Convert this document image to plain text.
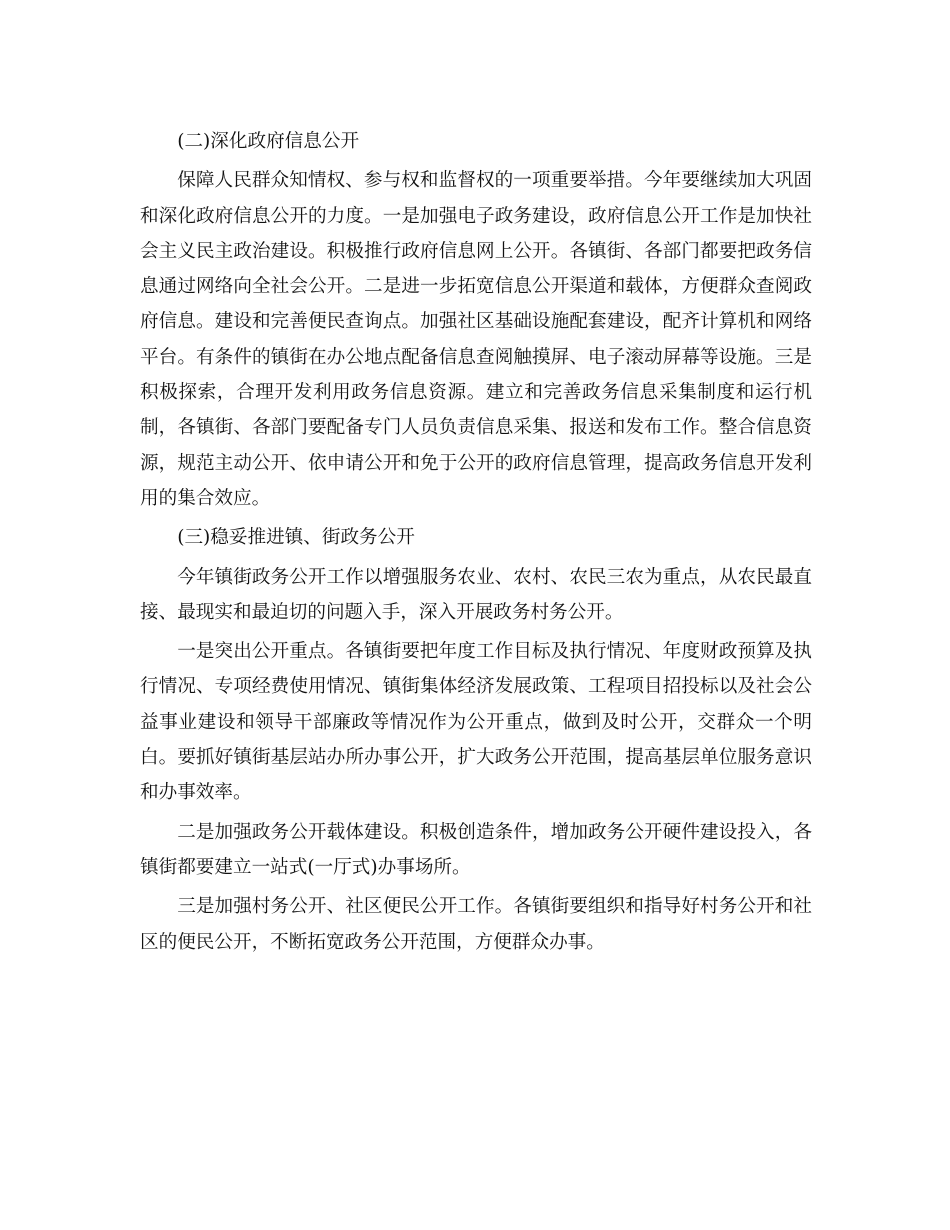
(二)深化政府信息公开

保障人民群众知情权、参与权和监督权的一项重要举措。今年要继续加大巩固和深化政府信息公开的力度。一是加强电子政务建设，政府信息公开工作是加快社会主义民主政治建设。积极推行政府信息网上公开。各镇街、各部门都要把政务信息通过网络向全社会公开。二是进一步拓宽信息公开渠道和载体，方便群众查阅政府信息。建设和完善便民查询点。加强社区基础设施配套建设，配齐计算机和网络平台。有条件的镇街在办公地点配备信息查阅触摸屏、电子滚动屏幕等设施。三是积极探索，合理开发利用政务信息资源。建立和完善政务信息采集制度和运行机制，各镇街、各部门要配备专门人员负责信息采集、报送和发布工作。整合信息资源，规范主动公开、依申请公开和免于公开的政府信息管理，提高政务信息开发利用的集合效应。

(三)稳妥推进镇、街政务公开

今年镇街政务公开工作以增强服务农业、农村、农民三农为重点，从农民最直接、最现实和最迫切的问题入手，深入开展政务村务公开。

一是突出公开重点。各镇街要把年度工作目标及执行情况、年度财政预算及执行情况、专项经费使用情况、镇街集体经济发展政策、工程项目招投标以及社会公益事业建设和领导干部廉政等情况作为公开重点，做到及时公开，交群众一个明白。要抓好镇街基层站办所办事公开，扩大政务公开范围，提高基层单位服务意识和办事效率。

二是加强政务公开载体建设。积极创造条件，增加政务公开硬件建设投入，各镇街都要建立一站式(一厅式)办事场所。

三是加强村务公开、社区便民公开工作。各镇街要组织和指导好村务公开和社区的便民公开，不断拓宽政务公开范围，方便群众办事。
